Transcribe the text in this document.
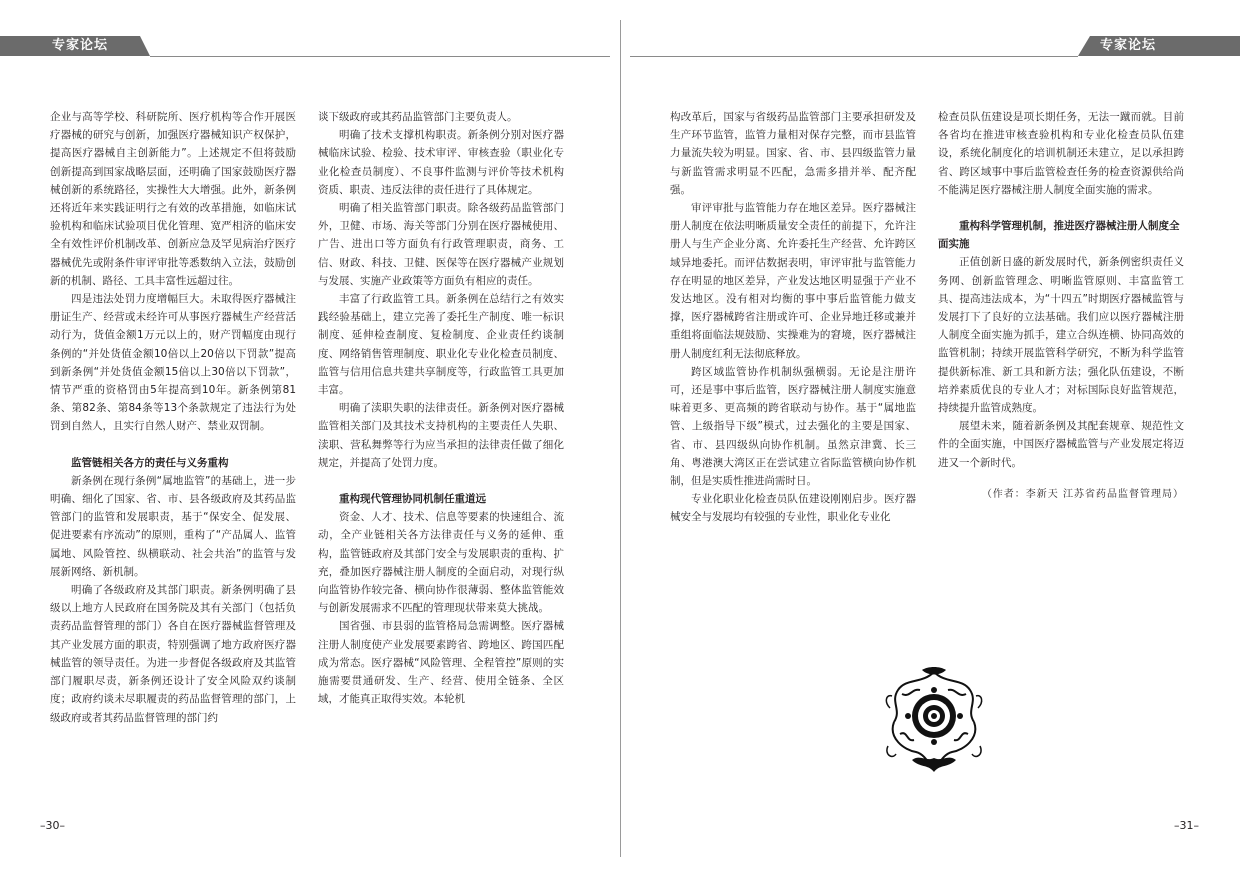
专家论坛	专家论坛

企业与高等学校、科研院所、医疗机构等合作开展医疗器械的研究与创新，加强医疗器械知识产权保护，提高医疗器械自主创新能力”。上述规定不但将鼓励创新提高到国家战略层面，还明确了国家鼓励医疗器械创新的系统路径，实操性大大增强。此外，新条例还将近年来实践证明行之有效的改革措施，如临床试验机构和临床试验项目优化管理、宽严相济的临床安全有效性评价机制改革、创新应急及罕见病治疗医疗器械优先或附条件审评审批等悉数纳入立法，鼓励创新的机制、路径、工具丰富性远超过往。

四是违法处罚力度增幅巨大。未取得医疗器械注册证生产、经营或未经许可从事医疗器械生产经营活动行为，货值金额1万元以上的，财产罚幅度由现行条例的“并处货值金额10倍以上20倍以下罚款”提高到新条例“并处货值金额15倍以上30倍以下罚款”，情节严重的资格罚由5年提高到10年。新条例第81条、第82条、第84条等13个条款规定了违法行为处罚到自然人，且实行自然人财产、禁业双罚制。

监管链相关各方的责任与义务重构

新条例在现行条例“属地监管”的基础上，进一步明确、细化了国家、省、市、县各级政府及其药品监管部门的监管和发展职责，基于“保安全、促发展、促进要素有序流动”的原则，重构了“产品属人、监管属地、风险管控、纵横联动、社会共治”的监管与发展新网络、新机制。

明确了各级政府及其部门职责。新条例明确了县级以上地方人民政府在国务院及其有关部门（包括负责药品监督管理的部门）各自在医疗器械监督管理及其产业发展方面的职责，特别强调了地方政府医疗器械监管的领导责任。为进一步督促各级政府及其监管部门履职尽责，新条例还设计了安全风险双约谈制度；政府约谈未尽职履责的药品监督管理的部门，上级政府或者其药品监督管理的部门约

谈下级政府或其药品监管部门主要负责人。

明确了技术支撑机构职责。新条例分别对医疗器械临床试验、检验、技术审评、审核查验（职业化专业化检查员制度）、不良事件监测与评价等技术机构资质、职责、违反法律的责任进行了具体规定。

明确了相关监管部门职责。除各级药品监管部门外，卫健、市场、海关等部门分别在医疗器械使用、广告、进出口等方面负有行政管理职责，商务、工信、财政、科技、卫健、医保等在医疗器械产业规划与发展、实施产业政策等方面负有相应的责任。

丰富了行政监管工具。新条例在总结行之有效实践经验基础上，建立完善了委托生产制度、唯一标识制度、延伸检查制度、复检制度、企业责任约谈制度、网络销售管理制度、职业化专业化检查员制度、监管与信用信息共建共享制度等，行政监管工具更加丰富。

明确了渎职失职的法律责任。新条例对医疗器械监管相关部门及其技术支持机构的主要责任人失职、渎职、营私舞弊等行为应当承担的法律责任做了细化规定，并提高了处罚力度。

重构现代管理协同机制任重道远

资金、人才、技术、信息等要素的快速组合、流动，全产业链相关各方法律责任与义务的延伸、重构，监管链政府及其部门安全与发展职责的重构、扩充，叠加医疗器械注册人制度的全面启动，对现行纵向监管协作较完备、横向协作很薄弱、整体监管能效与创新发展需求不匹配的管理现状带来莫大挑战。

国省强、市县弱的监管格局急需调整。医疗器械注册人制度使产业发展要素跨省、跨地区、跨国匹配成为常态。医疗器械“风险管理、全程管控”原则的实施需要贯通研发、生产、经营、使用全链条、全区域，才能真正取得实效。本轮机

–30–

构改革后，国家与省级药品监管部门主要承担研发及生产环节监管，监管力量相对保存完整，而市县监管力量流失较为明显。国家、省、市、县四级监管力量与新监管需求明显不匹配，急需多措并举、配齐配强。

审评审批与监管能力存在地区差异。医疗器械注册人制度在依法明晰质量安全责任的前提下，允许注册人与生产企业分离、允许委托生产经营、允许跨区域异地委托。而评估数据表明，审评审批与监管能力存在明显的地区差异，产业发达地区明显强于产业不发达地区。没有相对均衡的事中事后监管能力做支撑，医疗器械跨省注册或许可、企业异地迁移或兼并重组将面临法规鼓励、实操难为的窘境，医疗器械注册人制度红利无法彻底释放。

跨区域监管协作机制纵强横弱。无论是注册许可，还是事中事后监管，医疗器械注册人制度实施意味着更多、更高频的跨省联动与协作。基于“属地监管、上级指导下级”模式，过去强化的主要是国家、省、市、县四级纵向协作机制。虽然京津冀、长三角、粤港澳大湾区正在尝试建立省际监管横向协作机制，但是实质性推进尚需时日。

专业化职业化检查员队伍建设刚刚启步。医疗器械安全与发展均有较强的专业性，职业化专业化

检查员队伍建设是项长期任务，无法一蹴而就。目前各省均在推进审核查验机构和专业化检查员队伍建设，系统化制度化的培训机制还未建立，足以承担跨省、跨区域事中事后监管检查任务的检查资源供给尚不能满足医疗器械注册人制度全面实施的需求。

重构科学管理机制，推进医疗器械注册人制度全面实施

正值创新日盛的新发展时代，新条例密织责任义务网、创新监管理念、明晰监管原则、丰富监管工具、提高违法成本，为“十四五”时期医疗器械监管与发展打下了良好的立法基础。我们应以医疗器械注册人制度全面实施为抓手，建立合纵连横、协同高效的监管机制；持续开展监管科学研究，不断为科学监管提供新标准、新工具和新方法；强化队伍建设，不断培养素质优良的专业人才；对标国际良好监管规范，持续提升监管成熟度。

展望未来，随着新条例及其配套规章、规范性文件的全面实施，中国医疗器械监管与产业发展定将迈进又一个新时代。

（作者：李新天 江苏省药品监督管理局）

–31–
